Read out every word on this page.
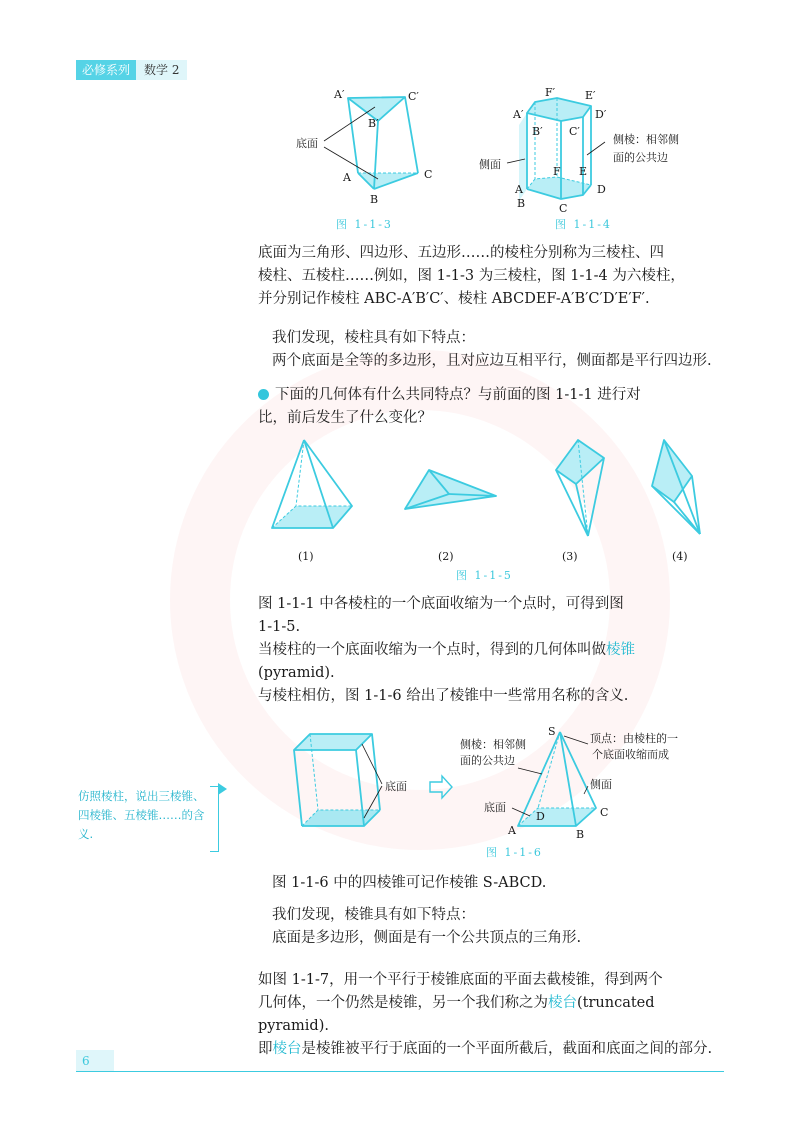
必修系列	数学 2
底面
A′	C′
B′
A
B
C
图 1-1-3
F′	E′
A′	D′
B′ C′
F E
A	D
B	C
侧棱：相邻侧
面的公共边
侧面
图 1-1-4
底面为三角形、四边形、五边形……的棱柱分别称为三棱柱、四
棱柱、五棱柱……例如，图 1-1-3 为三棱柱，图 1-1-4 为六棱柱，
并分别记作棱柱 ABC-A′B′C′、棱柱 ABCDEF-A′B′C′D′E′F′.
我们发现，棱柱具有如下特点：
两个底面是全等的多边形，且对应边互相平行，侧面都是平行四边形.
下面的几何体有什么共同特点？与前面的图 1-1-1 进行对
比，前后发生了什么变化？
(1)	(2)	(3)	(4)
图 1-1-5
图 1-1-1 中各棱柱的一个底面收缩为一个点时，可得到图
1-1-5.
当棱柱的一个底面收缩为一个点时，得到的几何体叫做棱锥
(pyramid).
与棱柱相仿，图 1-1-6 给出了棱锥中一些常用名称的含义.
底面
顶点：由棱柱的一
个底面收缩而成
侧棱：相邻侧
面的公共边
侧面
底面
S
A	B
C
D
图 1-1-6
仿照棱柱，说出三棱锥、四棱锥、五棱锥……的含义.
图 1-1-6 中的四棱锥可记作棱锥 S-ABCD.
我们发现，棱锥具有如下特点：
底面是多边形，侧面是有一个公共顶点的三角形.
如图 1-1-7，用一个平行于棱锥底面的平面去截棱锥，得到两个
几何体，一个仍然是棱锥，另一个我们称之为棱台(truncated pyramid).
即棱台是棱锥被平行于底面的一个平面所截后，截面和底面之间的部分.
6
